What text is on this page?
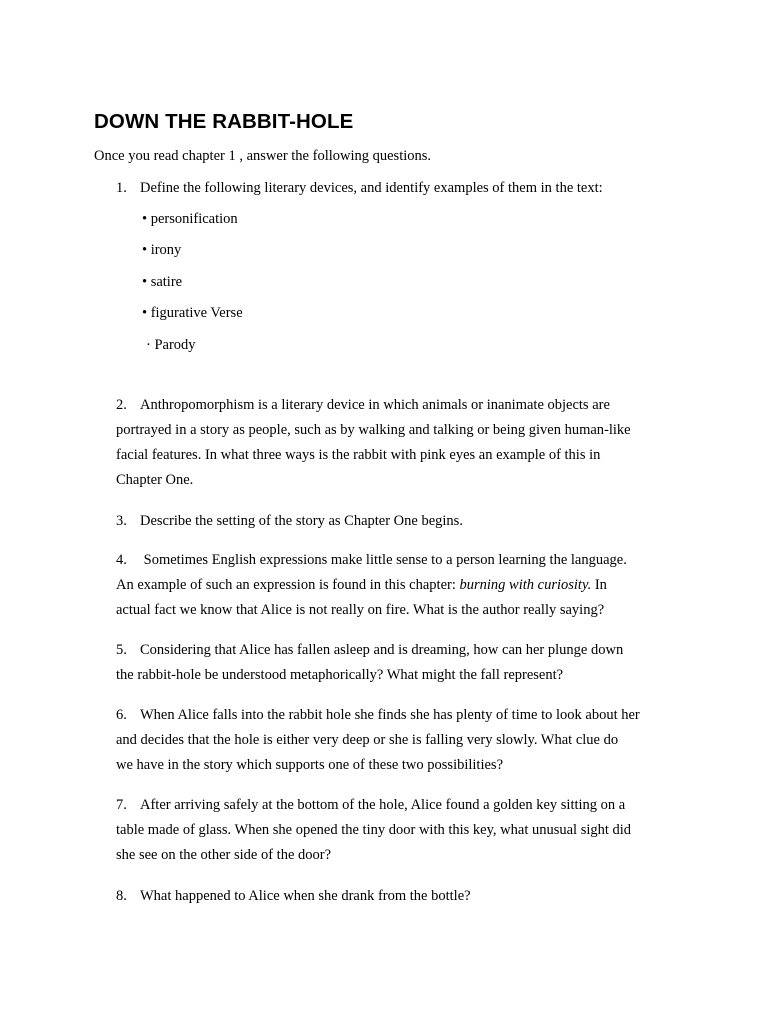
DOWN THE RABBIT-HOLE
Once you read chapter 1 , answer the following questions.
1. Define the following literary devices, and identify examples of them in the text:
• personification
• irony
• satire
• figurative Verse
· Parody
2. Anthropomorphism is a literary device in which animals or inanimate objects are
portrayed in a story as people, such as by walking and talking or being given human-like
facial features. In what three ways is the rabbit with pink eyes an example of this in
Chapter One.
3. Describe the setting of the story as Chapter One begins.
4. Sometimes English expressions make little sense to a person learning the language.
An example of such an expression is found in this chapter: burning with curiosity. In
actual fact we know that Alice is not really on fire. What is the author really saying?
5. Considering that Alice has fallen asleep and is dreaming, how can her plunge down
the rabbit-hole be understood metaphorically? What might the fall represent?
6. When Alice falls into the rabbit hole she finds she has plenty of time to look about her
and decides that the hole is either very deep or she is falling very slowly. What clue do
we have in the story which supports one of these two possibilities?
7. After arriving safely at the bottom of the hole, Alice found a golden key sitting on a
table made of glass. When she opened the tiny door with this key, what unusual sight did
she see on the other side of the door?
8. What happened to Alice when she drank from the bottle?
